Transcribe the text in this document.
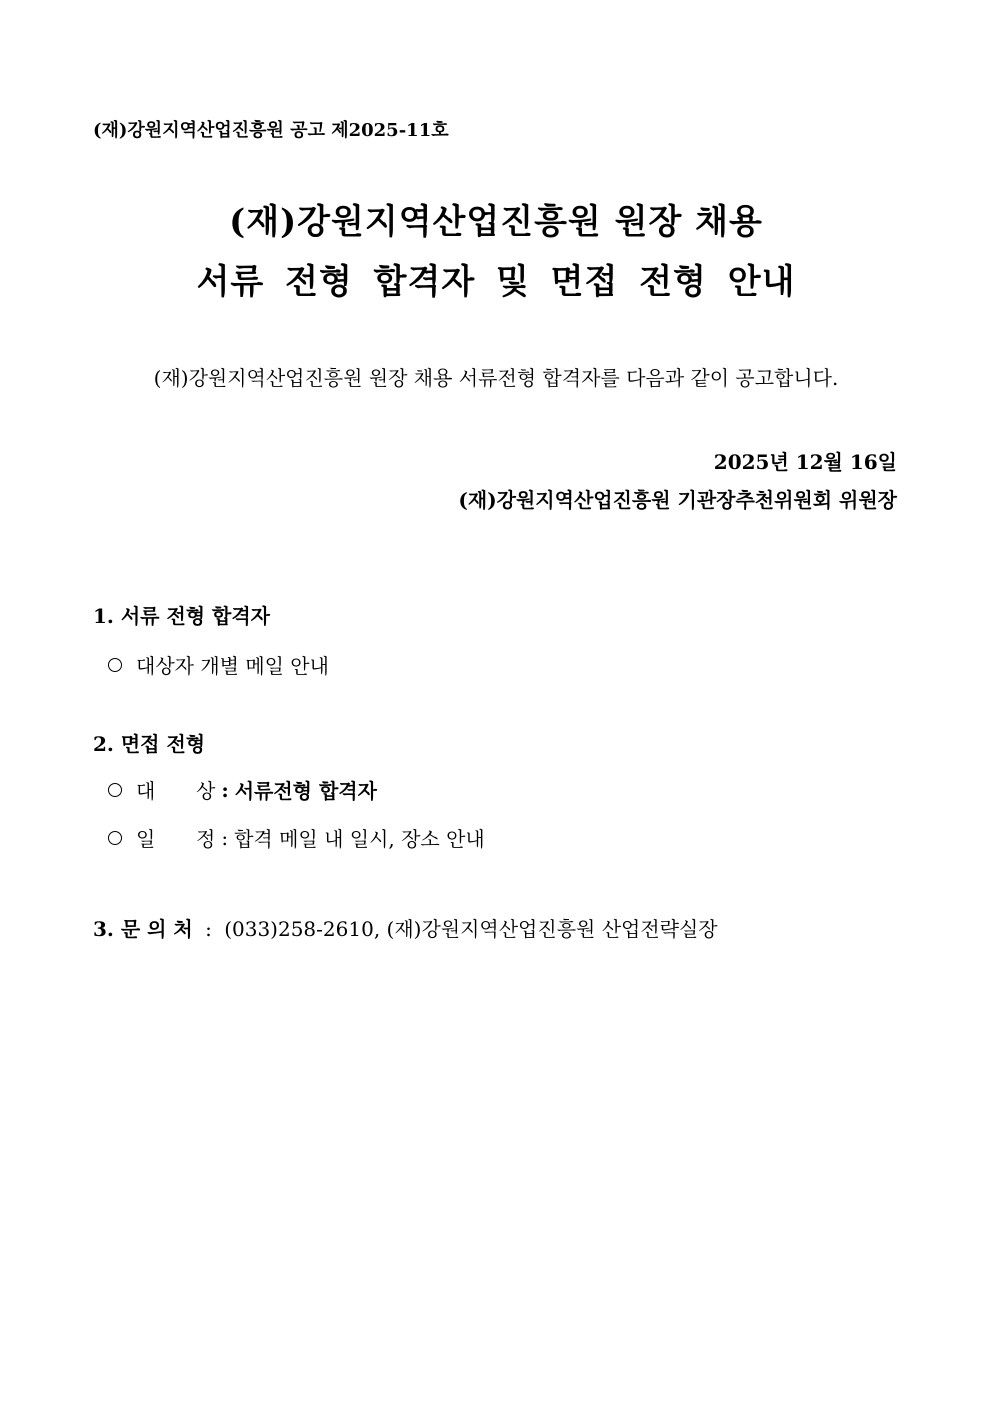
(재)강원지역산업진흥원 공고 제2025-11호
(재)강원지역산업진흥원 원장 채용
서류 전형 합격자 및 면접 전형 안내
(재)강원지역산업진흥원 원장 채용 서류전형 합격자를 다음과 같이 공고합니다.
2025년 12월 16일
(재)강원지역산업진흥원 기관장추천위원회 위원장
1. 서류 전형 합격자
대상자 개별 메일 안내
2. 면접 전형
대	상 : 서류전형 합격자
일	정 : 합격 메일 내 일시, 장소 안내
3. 문 의 처 : (033)258-2610, (재)강원지역산업진흥원 산업전략실장
